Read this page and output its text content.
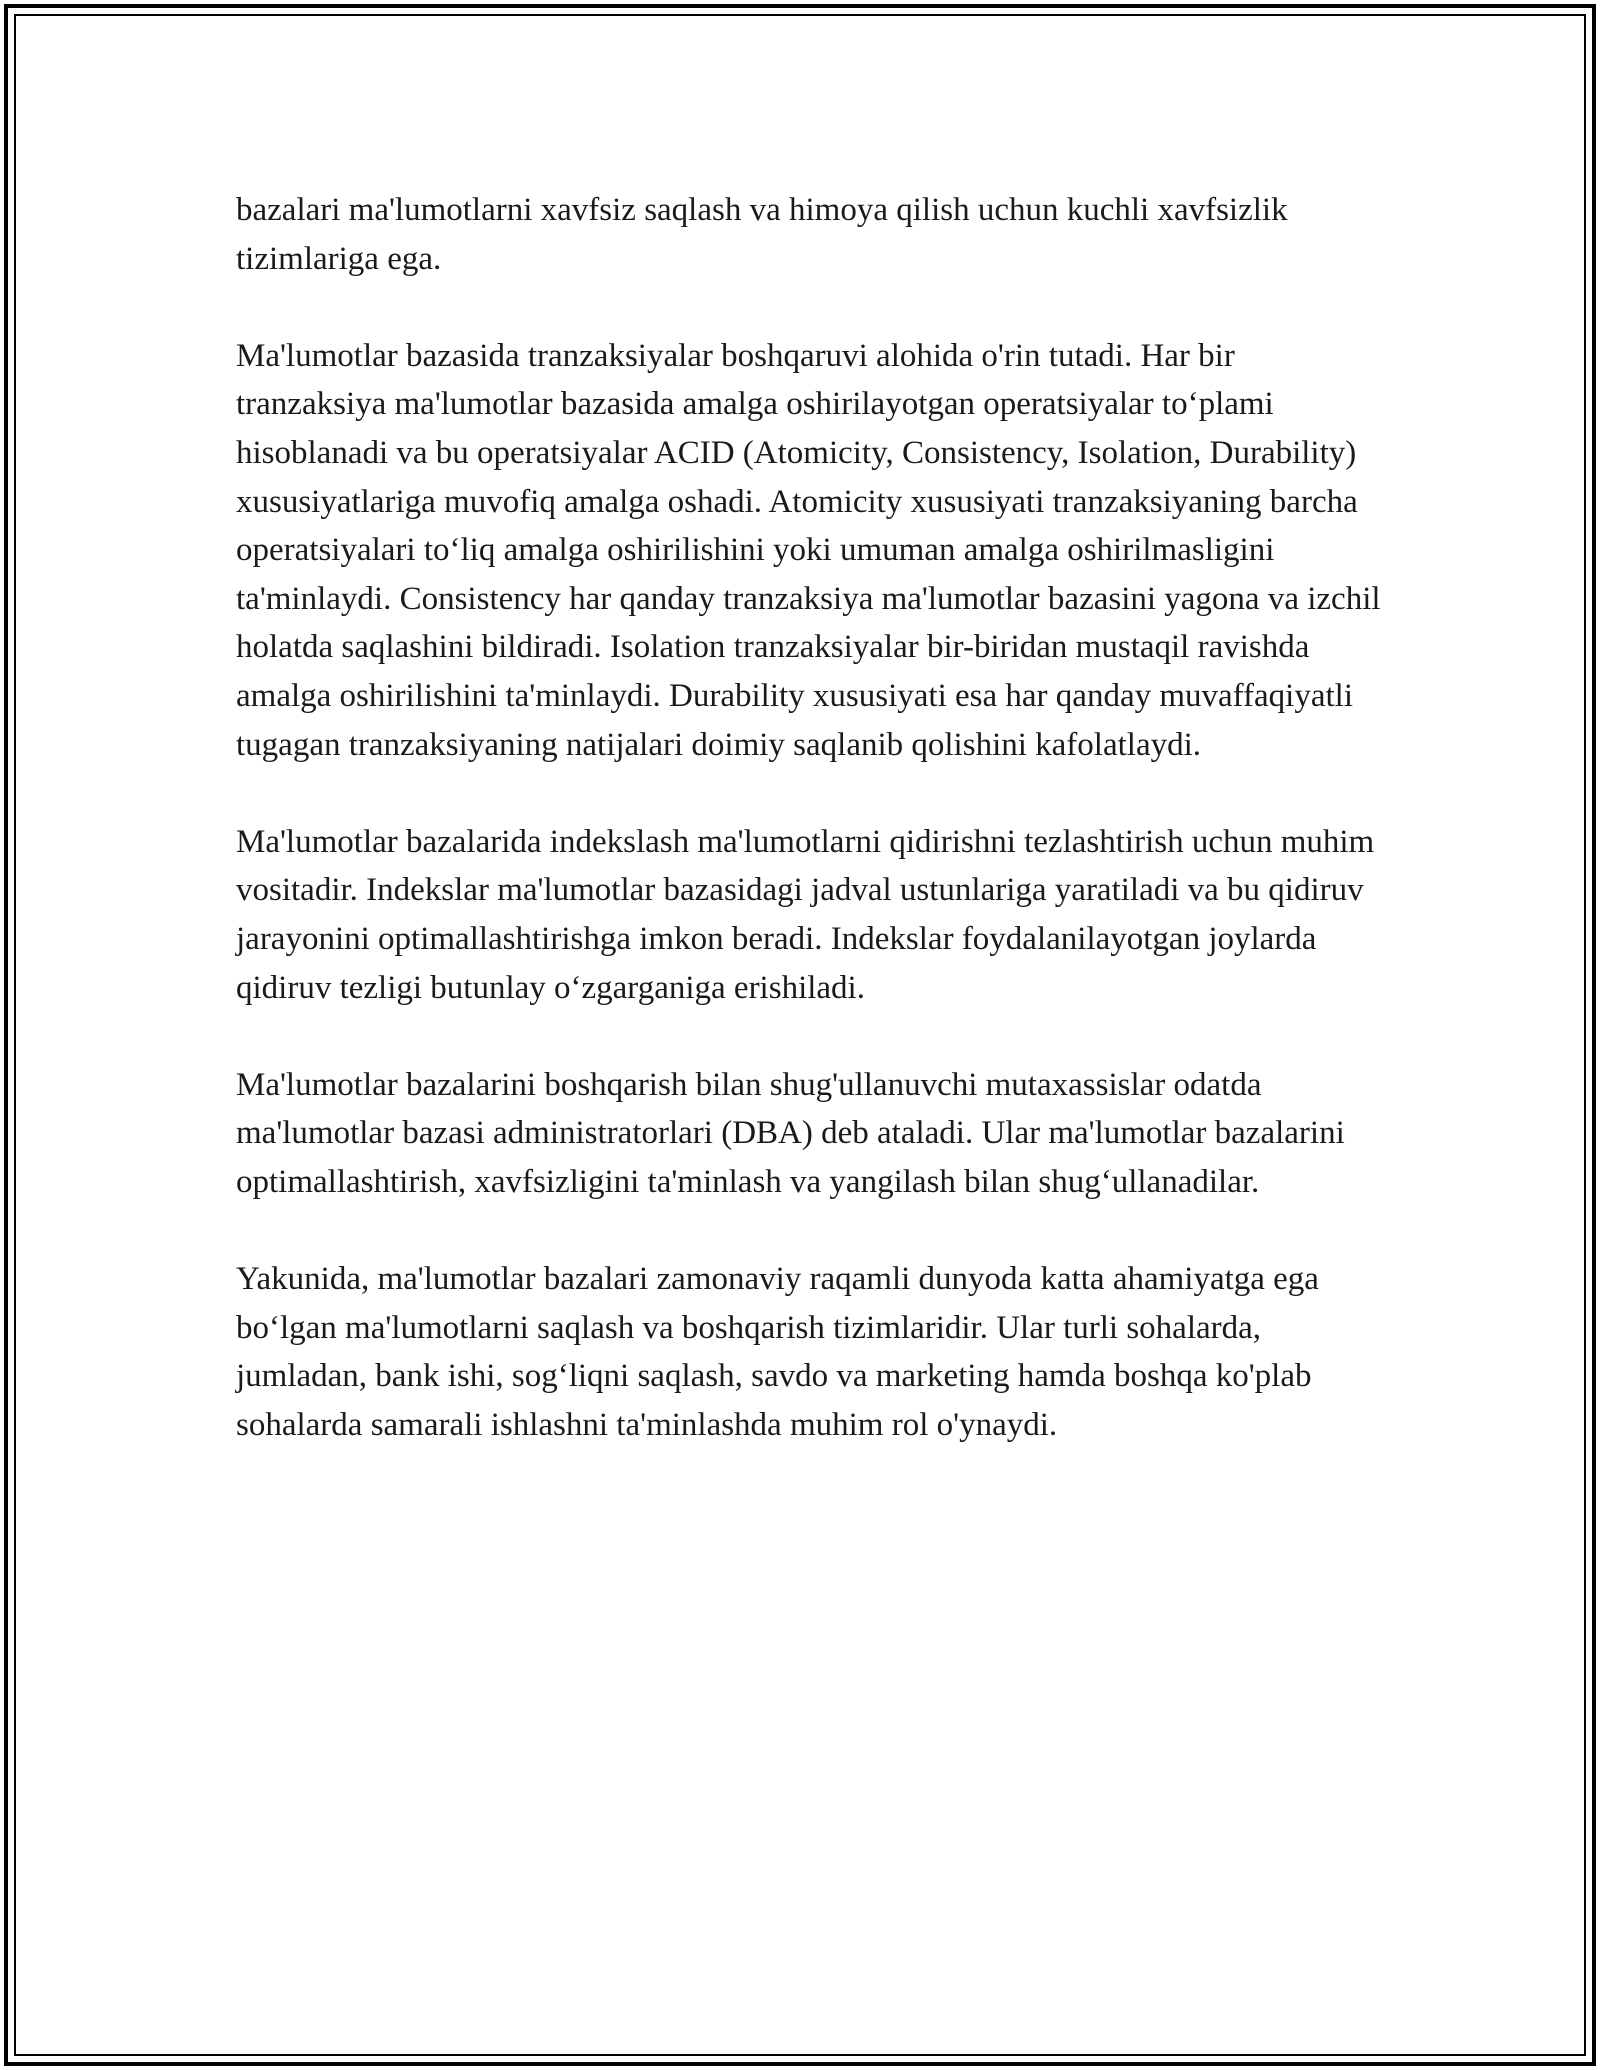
bazalari ma'lumotlarni xavfsiz saqlash va himoya qilish uchun kuchli xavfsizlik tizimlariga ega.

Ma'lumotlar bazasida tranzaksiyalar boshqaruvi alohida o'rin tutadi. Har bir tranzaksiya ma'lumotlar bazasida amalga oshirilayotgan operatsiyalar to‘plami hisoblanadi va bu operatsiyalar ACID (Atomicity, Consistency, Isolation, Durability) xususiyatlariga muvofiq amalga oshadi. Atomicity xususiyati tranzaksiyaning barcha operatsiyalari to‘liq amalga oshirilishini yoki umuman amalga oshirilmasligini ta'minlaydi. Consistency har qanday tranzaksiya ma'lumotlar bazasini yagona va izchil holatda saqlashini bildiradi. Isolation tranzaksiyalar bir-biridan mustaqil ravishda amalga oshirilishini ta'minlaydi. Durability xususiyati esa har qanday muvaffaqiyatli tugagan tranzaksiyaning natijalari doimiy saqlanib qolishini kafolatlaydi.

Ma'lumotlar bazalarida indekslash ma'lumotlarni qidirishni tezlashtirish uchun muhim vositadir. Indekslar ma'lumotlar bazasidagi jadval ustunlariga yaratiladi va bu qidiruv jarayonini optimallashtirishga imkon beradi. Indekslar foydalanilayotgan joylarda qidiruv tezligi butunlay o‘zgarganiga erishiladi.

Ma'lumotlar bazalarini boshqarish bilan shug'ullanuvchi mutaxassislar odatda ma'lumotlar bazasi administratorlari (DBA) deb ataladi. Ular ma'lumotlar bazalarini optimallashtirish, xavfsizligini ta'minlash va yangilash bilan shug‘ullanadilar.

Yakunida, ma'lumotlar bazalari zamonaviy raqamli dunyoda katta ahamiyatga ega bo‘lgan ma'lumotlarni saqlash va boshqarish tizimlaridir. Ular turli sohalarda, jumladan, bank ishi, sog‘liqni saqlash, savdo va marketing hamda boshqa ko'plab sohalarda samarali ishlashni ta'minlashda muhim rol o'ynaydi.
